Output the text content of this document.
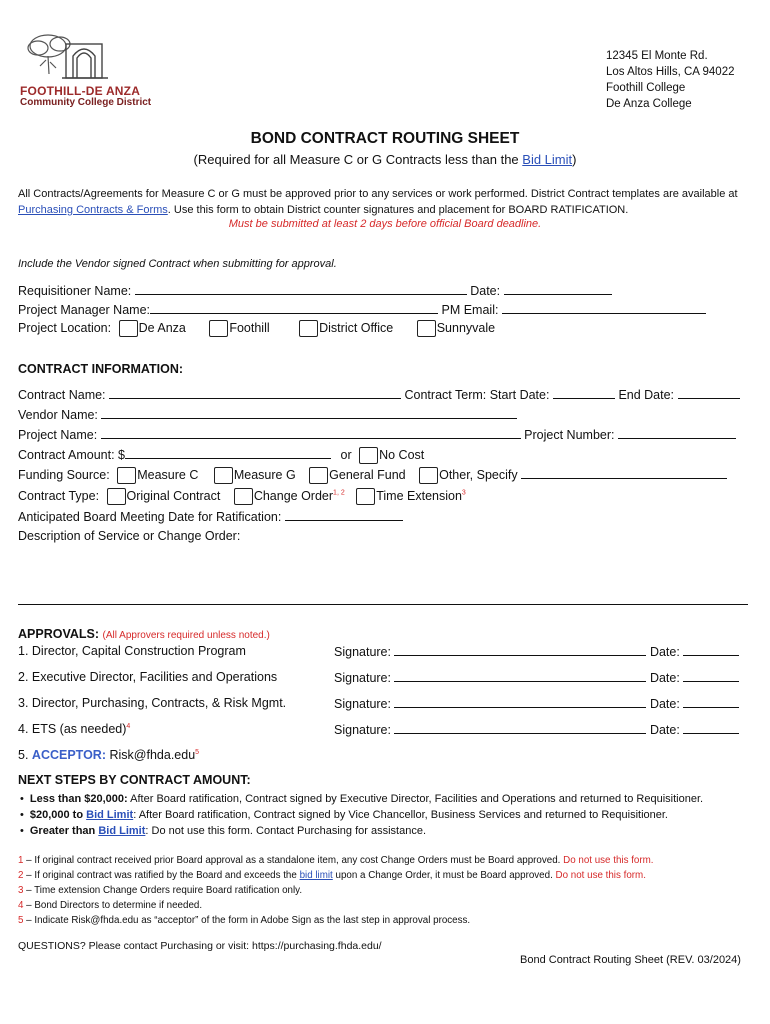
FOOTHILL-DE ANZA
Community College District
12345 El Monte Rd.
Los Altos Hills, CA 94022
Foothill College
De Anza College
BOND CONTRACT ROUTING SHEET
(Required for all Measure C or G Contracts less than the Bid Limit)
All Contracts/Agreements for Measure C or G must be approved prior to any services or work performed. District Contract templates are available at Purchasing Contracts & Forms. Use this form to obtain District counter signatures and placement for BOARD RATIFICATION.
Must be submitted at least 2 days before official Board deadline.
Include the Vendor signed Contract when submitting for approval.
Requisitioner Name:	Date:
Project Manager Name:	PM Email:
Project Location: De Anza	Foothill	District Office	Sunnyvale
CONTRACT INFORMATION:
Contract Name:	Contract Term: Start Date:	End Date:
Vendor Name:
Project Name:	Project Number:
Contract Amount: $	or No Cost
Funding Source: Measure C	Measure G	General Fund	Other, Specify
Contract Type: Original Contract	Change Order$^{1, 2}$	Time Extension$^3$
Anticipated Board Meeting Date for Ratification:
Description of Service or Change Order:
APPROVALS: (All Approvers required unless noted.)
1. Director, Capital Construction Program	Signature:	Date:
2. Executive Director, Facilities and Operations	Signature:	Date:
3. Director, Purchasing, Contracts, & Risk Mgmt.	Signature:	Date:
4. ETS (as needed)$^4$	Signature:	Date:
5. ACCEPTOR: Risk@fhda.edu$^5$
NEXT STEPS BY CONTRACT AMOUNT:
• Less than $20,000: After Board ratification, Contract signed by Executive Director, Facilities and Operations and returned to Requisitioner.
• $20,000 to Bid Limit: After Board ratification, Contract signed by Vice Chancellor, Business Services and returned to Requisitioner.
• Greater than Bid Limit: Do not use this form. Contact Purchasing for assistance.
1 – If original contract received prior Board approval as a standalone item, any cost Change Orders must be Board approved. Do not use this form.
2 – If original contract was ratified by the Board and exceeds the bid limit upon a Change Order, it must be Board approved. Do not use this form.
3 – Time extension Change Orders require Board ratification only.
4 – Bond Directors to determine if needed.
5 – Indicate Risk@fhda.edu as “acceptor” of the form in Adobe Sign as the last step in approval process.
QUESTIONS? Please contact Purchasing or visit: https://purchasing.fhda.edu/
Bond Contract Routing Sheet (REV. 03/2024)
